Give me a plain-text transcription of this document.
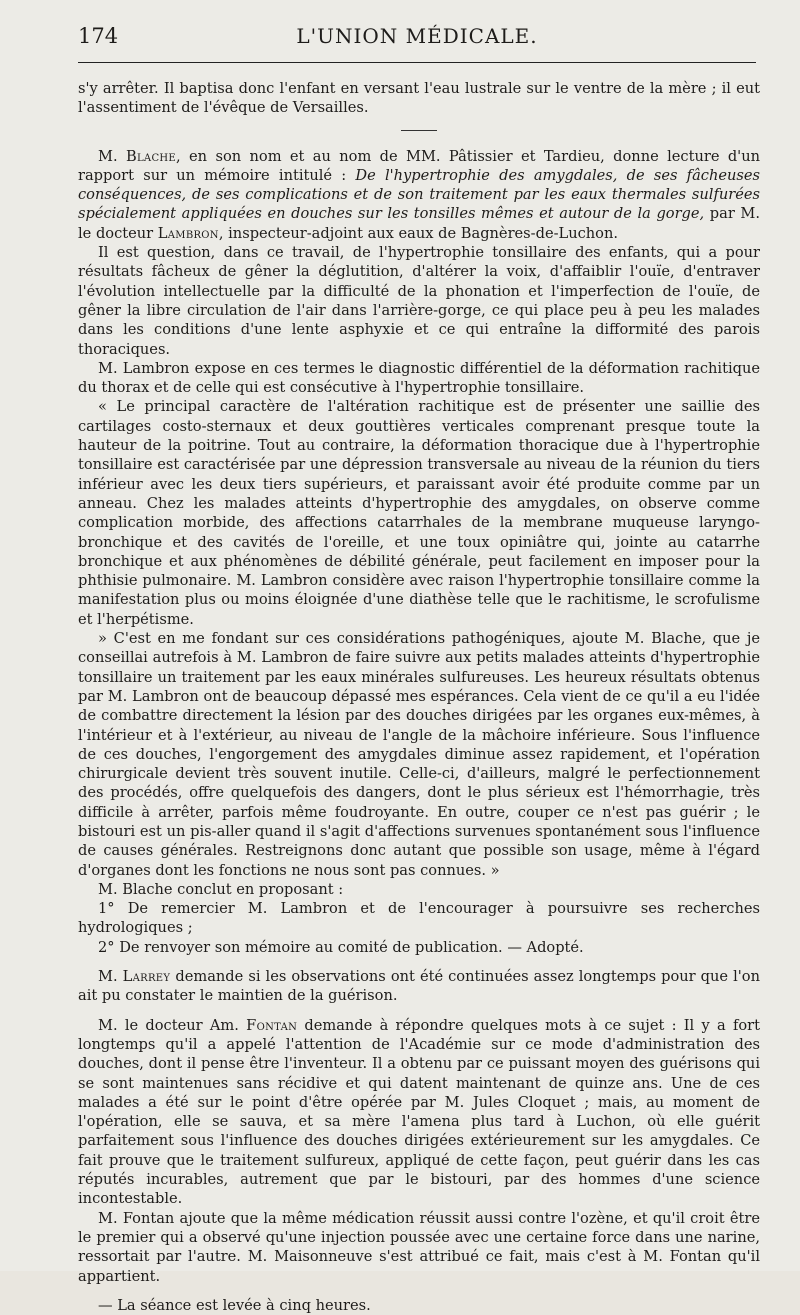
174	L'UNION MÉDICALE.

s'y arrêter. Il baptisa donc l'enfant en versant l'eau lustrale sur le ventre de la mère ; il eut l'assentiment de l'évêque de Versailles.

M. Blache, en son nom et au nom de MM. Pâtissier et Tardieu, donne lecture d'un rapport sur un mémoire intitulé : De l'hypertrophie des amygdales, de ses fâcheuses conséquences, de ses complications et de son traitement par les eaux thermales sulfurées spécialement appliquées en douches sur les tonsilles mêmes et autour de la gorge, par M. le docteur Lambron, inspecteur-adjoint aux eaux de Bagnères-de-Luchon.

Il est question, dans ce travail, de l'hypertrophie tonsillaire des enfants, qui a pour résultats fâcheux de gêner la déglutition, d'altérer la voix, d'affaiblir l'ouïe, d'entraver l'évolution intellectuelle par la difficulté de la phonation et l'imperfection de l'ouïe, de gêner la libre circulation de l'air dans l'arrière-gorge, ce qui place peu à peu les malades dans les conditions d'une lente asphyxie et ce qui entraîne la difformité des parois thoraciques.

M. Lambron expose en ces termes le diagnostic différentiel de la déformation rachitique du thorax et de celle qui est consécutive à l'hypertrophie tonsillaire.

« Le principal caractère de l'altération rachitique est de présenter une saillie des cartilages costo-sternaux et deux gouttières verticales comprenant presque toute la hauteur de la poitrine. Tout au contraire, la déformation thoracique due à l'hypertrophie tonsillaire est caractérisée par une dépression transversale au niveau de la réunion du tiers inférieur avec les deux tiers supérieurs, et paraissant avoir été produite comme par un anneau. Chez les malades atteints d'hypertrophie des amygdales, on observe comme complication morbide, des affections catarrhales de la membrane muqueuse laryngo-bronchique et des cavités de l'oreille, et une toux opiniâtre qui, jointe au catarrhe bronchique et aux phénomènes de débilité générale, peut facilement en imposer pour la phthisie pulmonaire. M. Lambron considère avec raison l'hypertrophie tonsillaire comme la manifestation plus ou moins éloignée d'une diathèse telle que le rachitisme, le scrofulisme et l'herpétisme.

» C'est en me fondant sur ces considérations pathogéniques, ajoute M. Blache, que je conseillai autrefois à M. Lambron de faire suivre aux petits malades atteints d'hypertrophie tonsillaire un traitement par les eaux minérales sulfureuses. Les heureux résultats obtenus par M. Lambron ont de beaucoup dépassé mes espérances. Cela vient de ce qu'il a eu l'idée de combattre directement la lésion par des douches dirigées par les organes eux-mêmes, à l'intérieur et à l'extérieur, au niveau de l'angle de la mâchoire inférieure. Sous l'influence de ces douches, l'engorgement des amygdales diminue assez rapidement, et l'opération chirurgicale devient très souvent inutile. Celle-ci, d'ailleurs, malgré le perfectionnement des procédés, offre quelquefois des dangers, dont le plus sérieux est l'hémorrhagie, très difficile à arrêter, parfois même foudroyante. En outre, couper ce n'est pas guérir ; le bistouri est un pis-aller quand il s'agit d'affections survenues spontanément sous l'influence de causes générales. Restreignons donc autant que possible son usage, même à l'égard d'organes dont les fonctions ne nous sont pas connues. »

M. Blache conclut en proposant :

1° De remercier M. Lambron et de l'encourager à poursuivre ses recherches hydrologiques ;

2° De renvoyer son mémoire au comité de publication. — Adopté.

M. Larrey demande si les observations ont été continuées assez longtemps pour que l'on ait pu constater le maintien de la guérison.

M. le docteur Am. Fontan demande à répondre quelques mots à ce sujet : Il y a fort longtemps qu'il a appelé l'attention de l'Académie sur ce mode d'administration des douches, dont il pense être l'inventeur. Il a obtenu par ce puissant moyen des guérisons qui se sont maintenues sans récidive et qui datent maintenant de quinze ans. Une de ces malades a été sur le point d'être opérée par M. Jules Cloquet ; mais, au moment de l'opération, elle se sauva, et sa mère l'amena plus tard à Luchon, où elle guérit parfaitement sous l'influence des douches dirigées extérieurement sur les amygdales. Ce fait prouve que le traitement sulfureux, appliqué de cette façon, peut guérir dans les cas réputés incurables, autrement que par le bistouri, par des hommes d'une science incontestable.

M. Fontan ajoute que la même médication réussit aussi contre l'ozène, et qu'il croit être le premier qui a observé qu'une injection poussée avec une certaine force dans une narine, ressortait par l'autre. M. Maisonneuve s'est attribué ce fait, mais c'est à M. Fontan qu'il appartient.

— La séance est levée à cinq heures.
